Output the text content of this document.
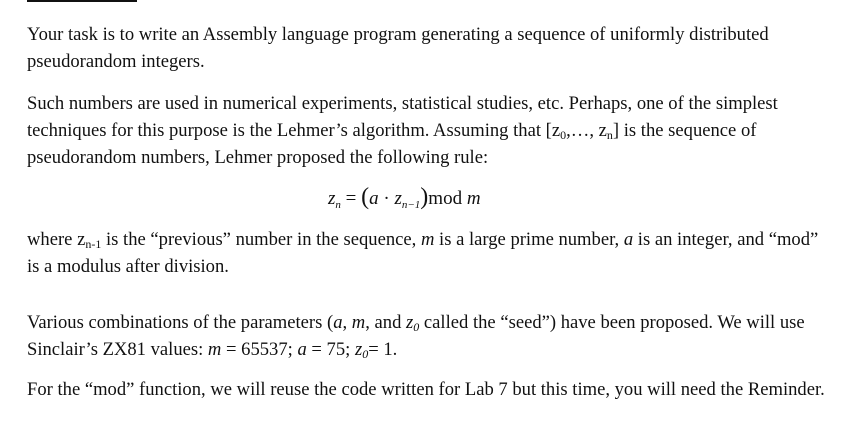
Your task is to write an Assembly language program generating a sequence of uniformly distributed pseudorandom integers.

Such numbers are used in numerical experiments, statistical studies, etc. Perhaps, one of the simplest techniques for this purpose is the Lehmer’s algorithm. Assuming that [$z_0,\dots$, $z_n$] is the sequence of pseudorandom numbers, Lehmer proposed the following rule:

$z_n = (a \cdot z_{n-1})mod$ m

where $z_{n-1}$ is the “previous” number in the sequence, m is a large prime number, a is an integer, and “mod” is a modulus after division.

Various combinations of the parameters (a, m, and $z_0$ called the “seed”) have been proposed. We will use Sinclair’s ZX81 values: m = 65537; a = 75; $z_0= 1$.

For the “mod” function, we will reuse the code written for Lab 7 but this time, you will need the Reminder.
